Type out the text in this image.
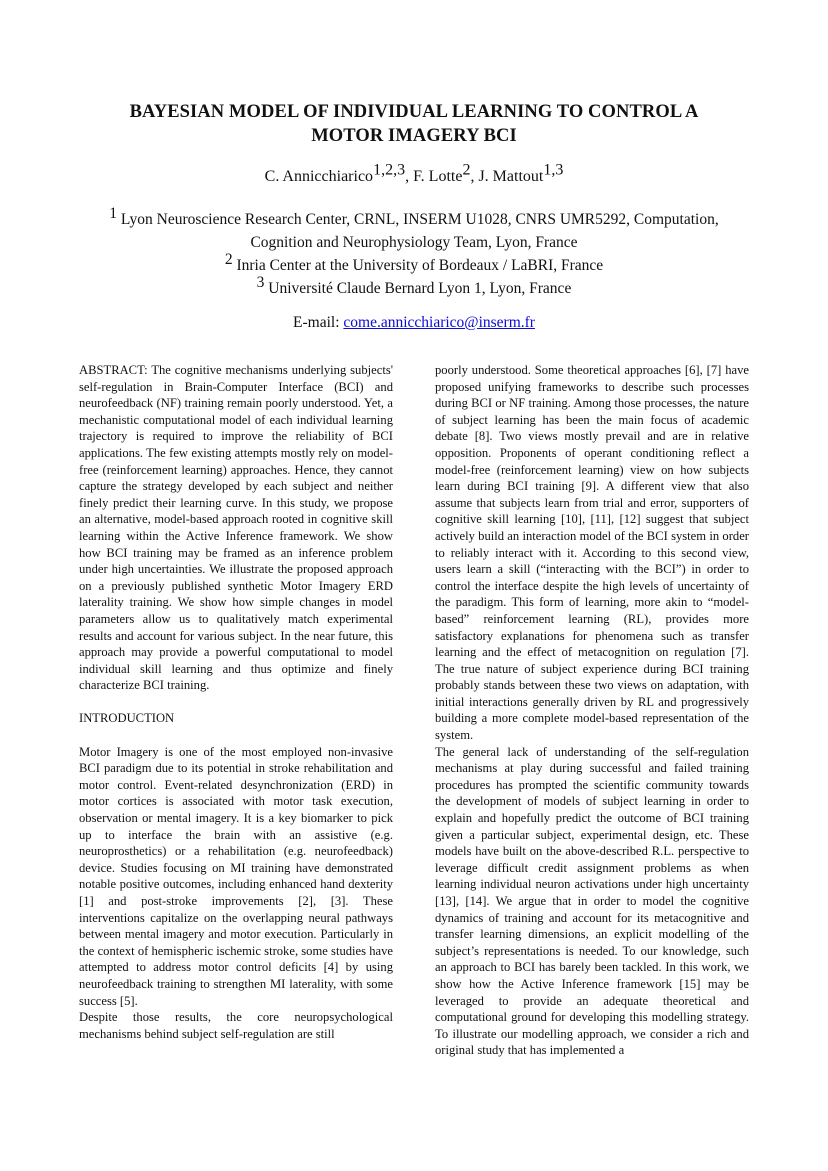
BAYESIAN MODEL OF INDIVIDUAL LEARNING TO CONTROL A
MOTOR IMAGERY BCI
C. Annicchiarico$^{1,2,3}$, F. Lotte$^2$, J. Mattout$^{1,3}$

$^1$ Lyon Neuroscience Research Center, CRNL, INSERM U1028, CNRS UMR5292, Computation, Cognition and Neurophysiology Team, Lyon, France

$^2$ Inria Center at the University of Bordeaux / LaBRI, France

$^3$ Université Claude Bernard Lyon 1, Lyon, France

E-mail: come.annicchiarico@inserm.fr

ABSTRACT: The cognitive mechanisms underlying subjects' self-regulation in Brain-Computer Interface (BCI) and neurofeedback (NF) training remain poorly understood. Yet, a mechanistic computational model of each individual learning trajectory is required to improve the reliability of BCI applications. The few existing attempts mostly rely on model-free (reinforcement learning) approaches. Hence, they cannot capture the strategy developed by each subject and neither finely predict their learning curve. In this study, we propose an alternative, model-based approach rooted in cognitive skill learning within the Active Inference framework. We show how BCI training may be framed as an inference problem under high uncertainties. We illustrate the proposed approach on a previously published synthetic Motor Imagery ERD laterality training. We show how simple changes in model parameters allow us to qualitatively match experimental results and account for various subject. In the near future, this approach may provide a powerful computational to model individual skill learning and thus optimize and finely characterize BCI training.

INTRODUCTION

Motor Imagery is one of the most employed non-invasive BCI paradigm due to its potential in stroke rehabilitation and motor control. Event-related desynchronization (ERD) in motor cortices is associated with motor task execution, observation or mental imagery. It is a key biomarker to pick up to interface the brain with an assistive (e.g. neuroprosthetics) or a rehabilitation (e.g. neurofeedback) device. Studies focusing on MI training have demonstrated notable positive outcomes, including enhanced hand dexterity [1] and post-stroke improvements [2], [3]. These interventions capitalize on the overlapping neural pathways between mental imagery and motor execution. Particularly in the context of hemispheric ischemic stroke, some studies have attempted to address motor control deficits [4] by using neurofeedback training to strengthen MI laterality, with some success [5].

Despite those results, the core neuropsychological mechanisms behind subject self-regulation are still

poorly understood. Some theoretical approaches [6], [7] have proposed unifying frameworks to describe such processes during BCI or NF training. Among those processes, the nature of subject learning has been the main focus of academic debate [8]. Two views mostly prevail and are in relative opposition. Proponents of operant conditioning reflect a model-free (reinforcement learning) view on how subjects learn during BCI training [9]. A different view that also assume that subjects learn from trial and error, supporters of cognitive skill learning [10], [11], [12] suggest that subject actively build an interaction model of the BCI system in order to reliably interact with it. According to this second view, users learn a skill (“interacting with the BCI”) in order to control the interface despite the high levels of uncertainty of the paradigm. This form of learning, more akin to “model-based” reinforcement learning (RL), provides more satisfactory explanations for phenomena such as transfer learning and the effect of metacognition on regulation [7]. The true nature of subject experience during BCI training probably stands between these two views on adaptation, with initial interactions generally driven by RL and progressively building a more complete model-based representation of the system.

The general lack of understanding of the self-regulation mechanisms at play during successful and failed training procedures has prompted the scientific community towards the development of models of subject learning in order to explain and hopefully predict the outcome of BCI training given a particular subject, experimental design, etc. These models have built on the above-described R.L. perspective to leverage difficult credit assignment problems as when learning individual neuron activations under high uncertainty [13], [14]. We argue that in order to model the cognitive dynamics of training and account for its metacognitive and transfer learning dimensions, an explicit modelling of the subject’s representations is needed. To our knowledge, such an approach to BCI has barely been tackled. In this work, we show how the Active Inference framework [15] may be leveraged to provide an adequate theoretical and computational ground for developing this modelling strategy. To illustrate our modelling approach, we consider a rich and original study that has implemented a
